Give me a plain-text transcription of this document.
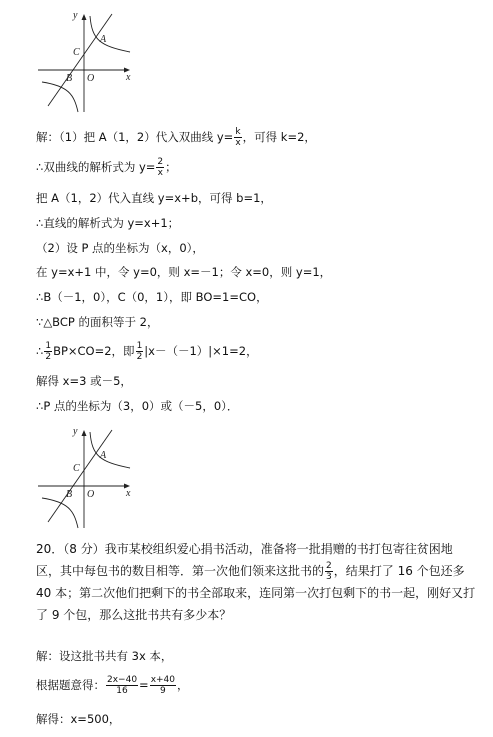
y
x
A
C
B O
解：（1）把 A（1，2）代入双曲线 $y= \frac{k}{x}$ ，可得 k=2，
∴双曲线的解析式为 $y= \frac{2}{x}$ ；
把 A（1，2）代入直线 y=x+b，可得 b=1，
∴直线的解析式为 y=x+1；
（2）设 P 点的坐标为（x，0），
在 y=x+1 中，令 y=0，则 x=－1；令 x=0，则 y=1，
∴B（－1，0），C（0，1），即 BO=1=CO，
∵△BCP 的面积等于 2，
∴ $\frac{1}{2} BP\times CO=2$，即 $\frac{1}{2} |x-(-1)|\times 1=2$，
解得 x=3 或－5，
∴P 点的坐标为（3，0）或（－5，0）．
y
x
A
C
B O
20．（8 分）我市某校组织爱心捐书活动，准备将一批捐赠的书打包寄往贫困地区，其中每包书的数目相等．第一次他们领来这批书的 $\frac{2}{3}$ ，结果打了 16 个包还多 40 本；第二次他们把剩下的书全部取来，连同第一次打包剩下的书一起，刚好又打了 9 个包，那么这批书共有多少本？
解：设这批书共有 3x 本，
根据题意得： $\frac{2x-40}{16} = \frac{x+40}{9}$ ，
解得：x=500，
